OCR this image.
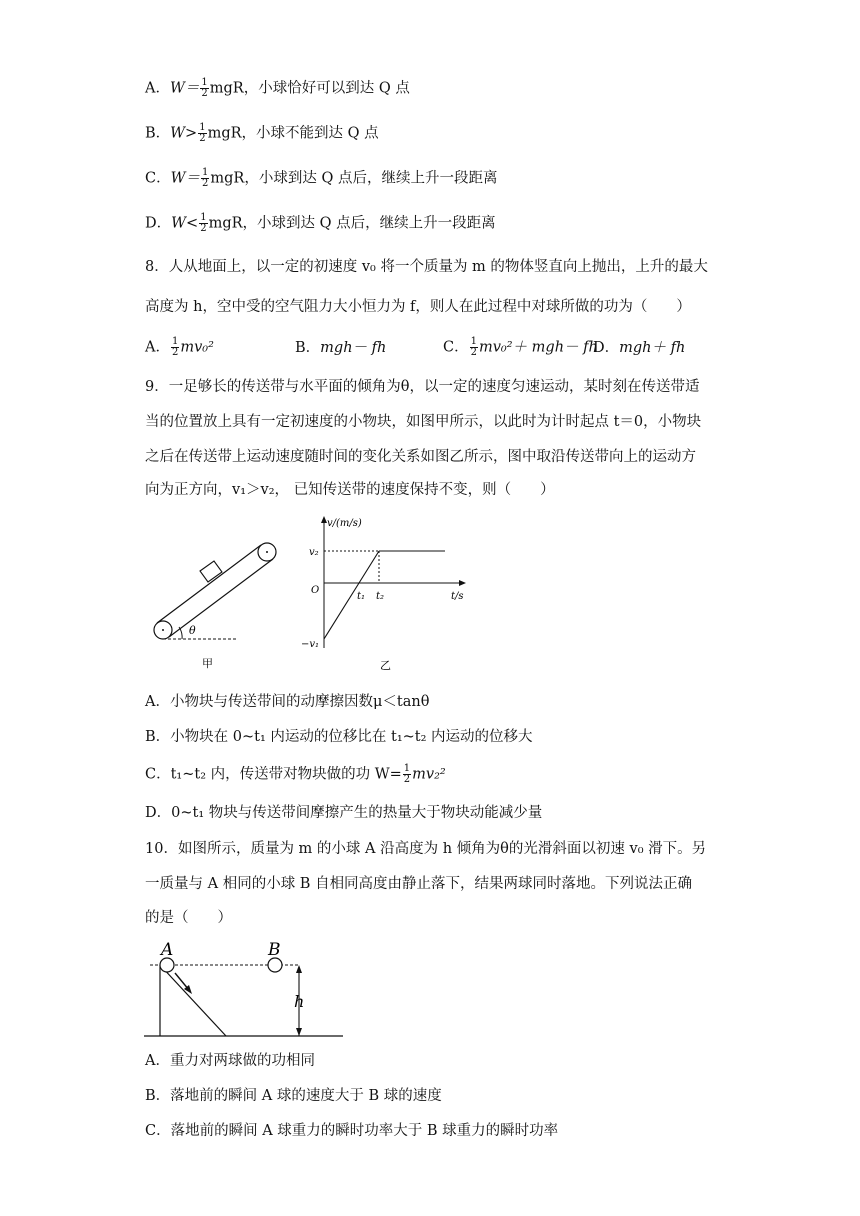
A．$W= \frac{1}{2}$ mgR，小球恰好可以到达 Q 点
B．$W> \frac{1}{2}$ mgR，小球不能到达 Q 点
C．$W= \frac{1}{2}$ mgR，小球到达 Q 点后，继续上升一段距离
D．$W< \frac{1}{2}$ mgR，小球到达 Q 点后，继续上升一段距离
8．人从地面上，以一定的初速度 v₀ 将一个质量为 m 的物体竖直向上抛出，上升的最大
高度为 h，空中受的空气阻力大小恒力为 f，则人在此过程中对球所做的功为（　　）
A． $\frac{1}{2} mv_0^2$	B．mgh－ fh	C． $\frac{1}{2} mv_0^2+ mgh-$ fhD．mgh＋ fh
9．一足够长的传送带与水平面的倾角为θ，以一定的速度匀速运动，某时刻在传送带适
当的位置放上具有一定初速度的小物块，如图甲所示，以此时为计时起点 t＝0，小物块
之后在传送带上运动速度随时间的变化关系如图乙所示，图中取沿传送带向上的运动方
向为正方向，v₁＞v₂， 已知传送带的速度保持不变，则（　　）
θ
甲
v/(m/s)
v₂
O
−v₁
t₁ t₂	t/s
乙
A．小物块与传送带间的动摩擦因数μ＜tanθ
B．小物块在 0~t₁ 内运动的位移比在 t₁~t₂ 内运动的位移大
C．t₁~t₂ 内，传送带对物块做的功 $W= \frac{1}{2} mv_2^2$
D．0~t₁ 物块与传送带间摩擦产生的热量大于物块动能减少量
10．如图所示，质量为 m 的小球 A 沿高度为 h 倾角为θ的光滑斜面以初速 v₀ 滑下。另
一质量与 A 相同的小球 B 自相同高度由静止落下，结果两球同时落地。下列说法正确
的是（　　）
A	B
h
A．重力对两球做的功相同
B．落地前的瞬间 A 球的速度大于 B 球的速度
C．落地前的瞬间 A 球重力的瞬时功率大于 B 球重力的瞬时功率
